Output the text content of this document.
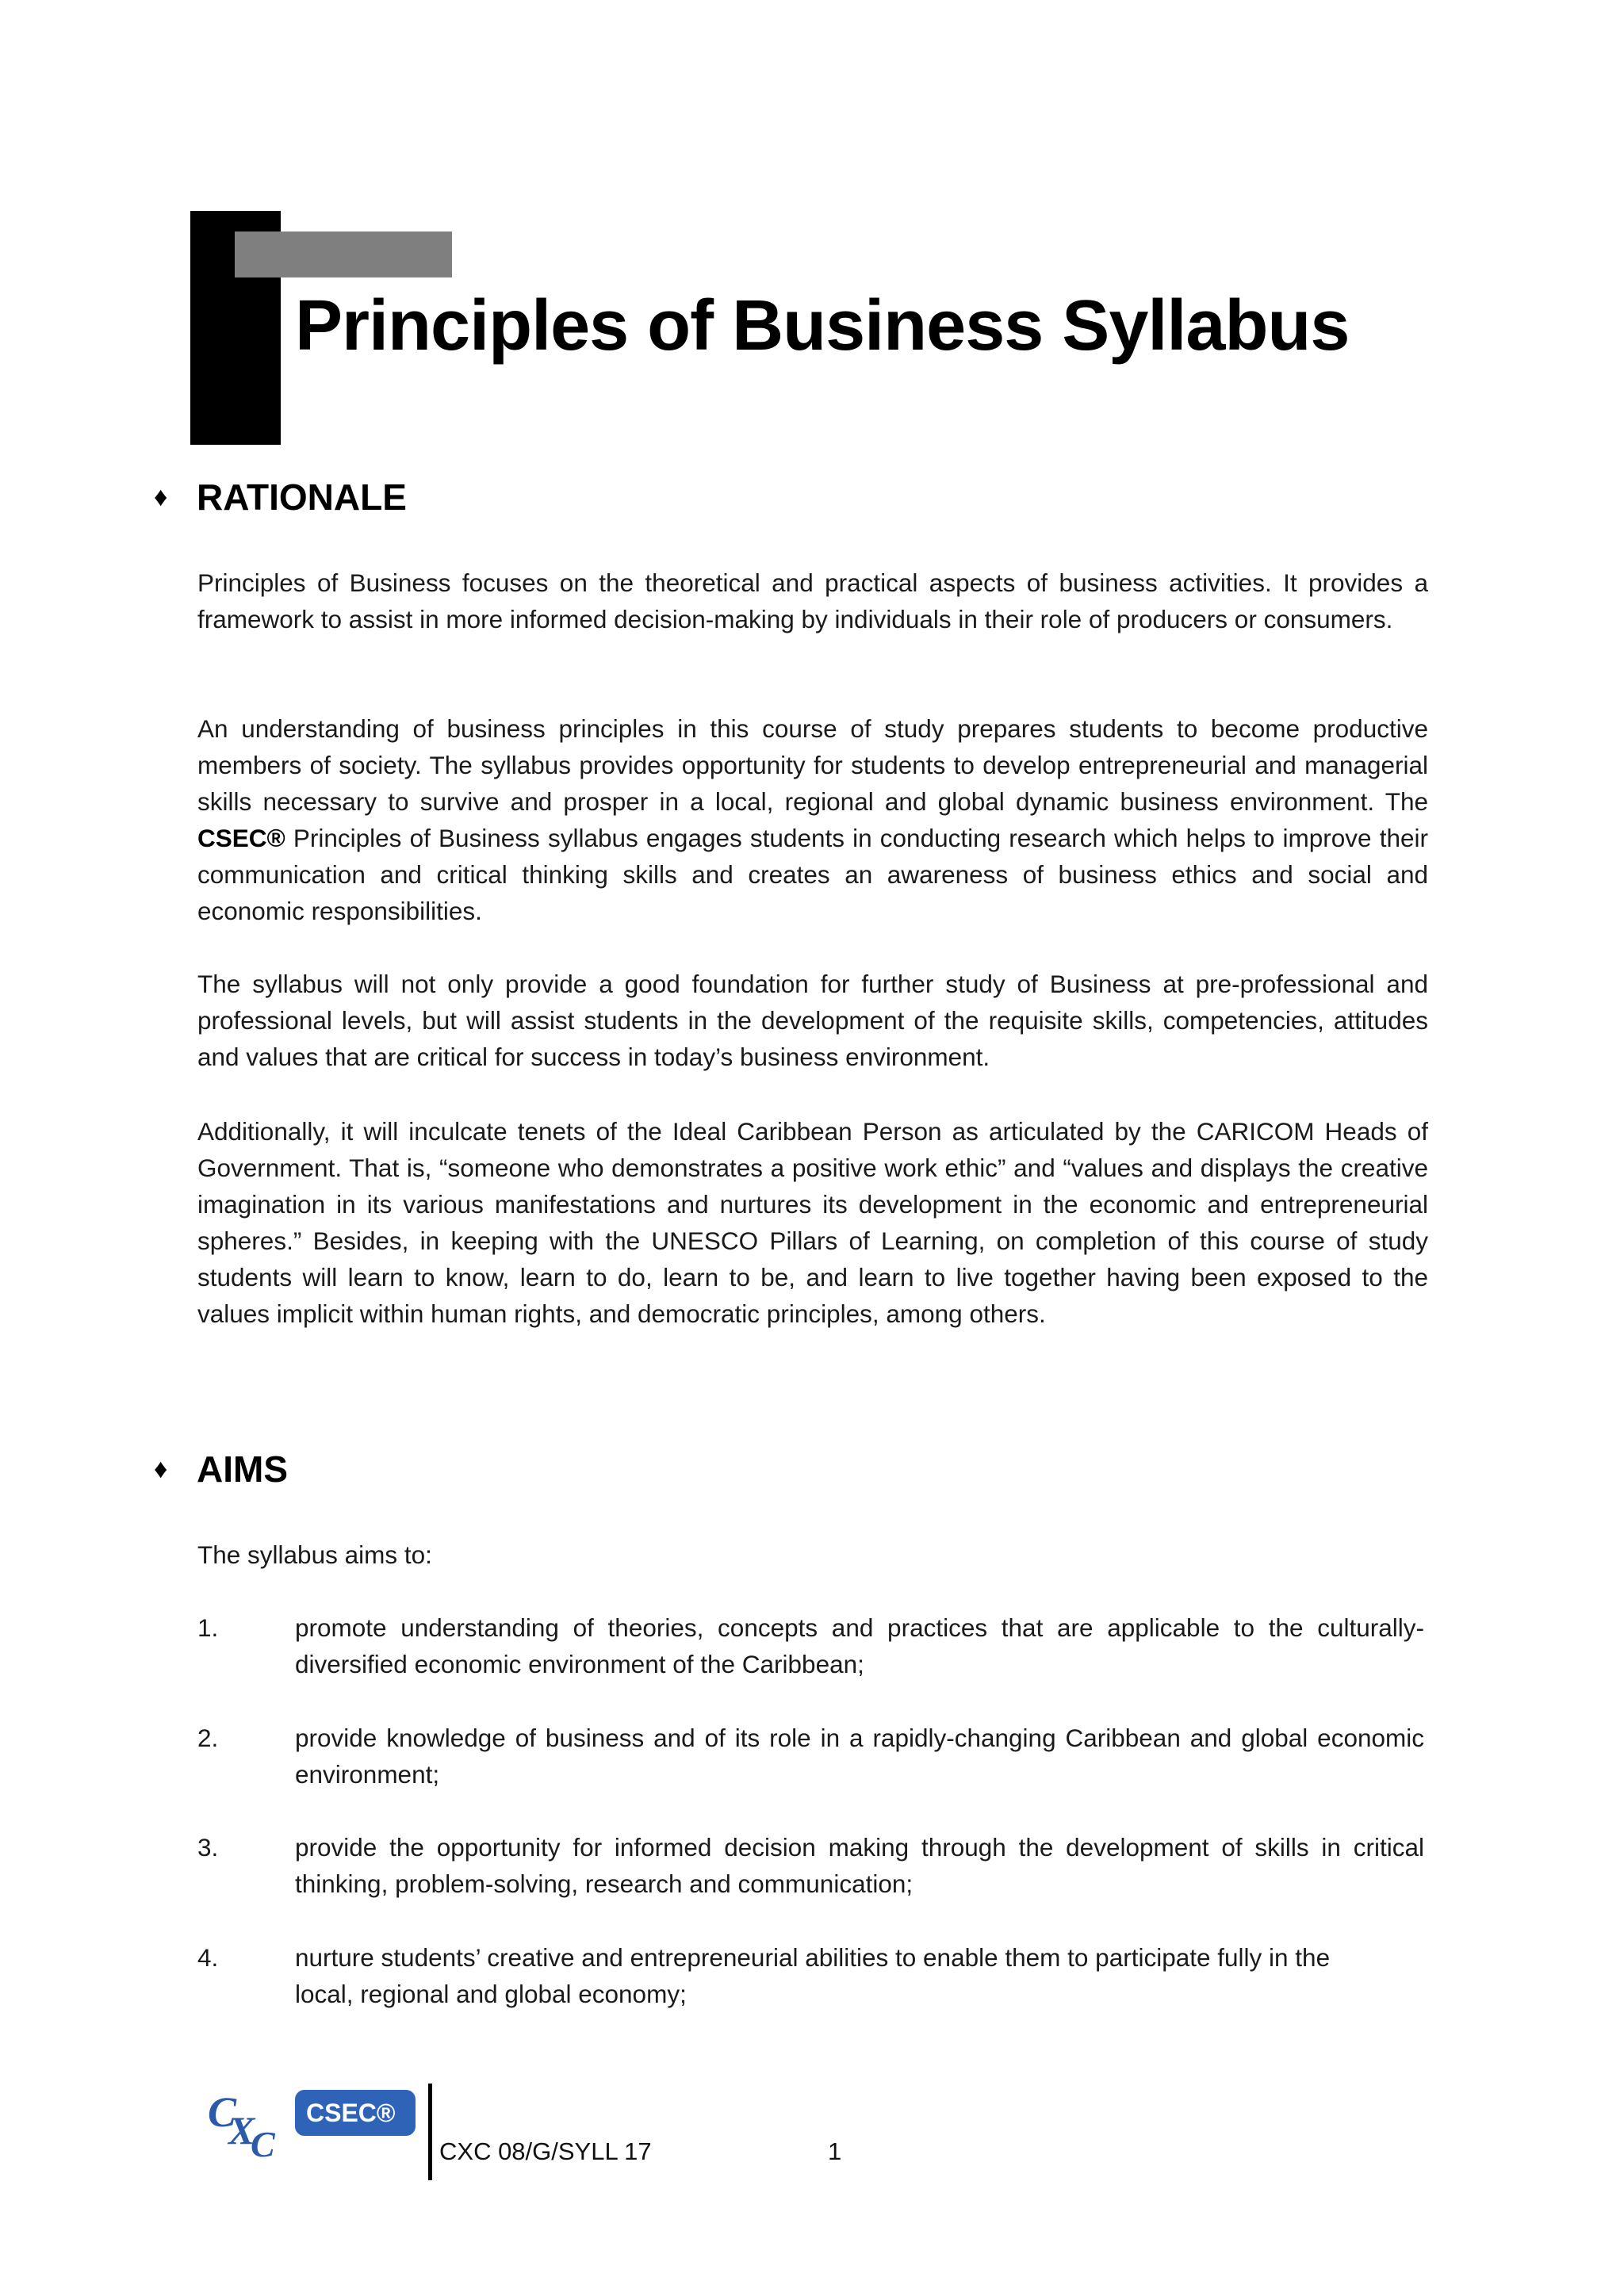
Principles of Business Syllabus
♦ RATIONALE

Principles of Business focuses on the theoretical and practical aspects of business activities. It provides a framework to assist in more informed decision-making by individuals in their role of producers or consumers.

An understanding of business principles in this course of study prepares students to become productive members of society. The syllabus provides opportunity for students to develop entrepreneurial and managerial skills necessary to survive and prosper in a local, regional and global dynamic business environment. The CSEC® Principles of Business syllabus engages students in conducting research which helps to improve their communication and critical thinking skills and creates an awareness of business ethics and social and economic responsibilities.

The syllabus will not only provide a good foundation for further study of Business at pre-professional and professional levels, but will assist students in the development of the requisite skills, competencies, attitudes and values that are critical for success in today’s business environment.

Additionally, it will inculcate tenets of the Ideal Caribbean Person as articulated by the CARICOM Heads of Government. That is, “someone who demonstrates a positive work ethic” and “values and displays the creative imagination in its various manifestations and nurtures its development in the economic and entrepreneurial spheres.” Besides, in keeping with the UNESCO Pillars of Learning, on completion of this course of study students will learn to know, learn to do, learn to be, and learn to live together having been exposed to the values implicit within human rights, and democratic principles, among others.

♦ AIMS

The syllabus aims to:

1.	promote understanding of theories, concepts and practices that are applicable to the culturally-diversified economic environment of the Caribbean;

2.	provide knowledge of business and of its role in a rapidly-changing Caribbean and global economic environment;

3.	provide the opportunity for informed decision making through the development of skills in critical thinking, problem-solving, research and communication;

4.	nurture students’ creative and entrepreneurial abilities to enable them to participate fully in the local, regional and global economy;

C
X
C
CSEC®
CXC 08/G/SYLL 17	1
